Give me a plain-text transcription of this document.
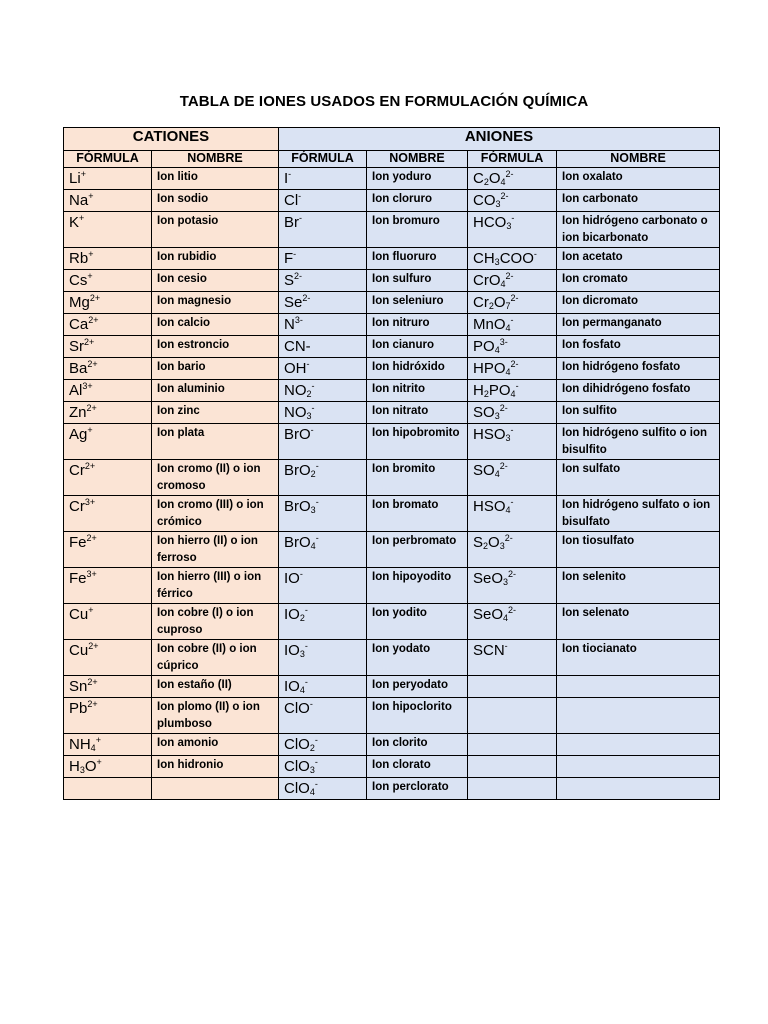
TABLA DE IONES USADOS EN FORMULACIÓN QUÍMICA
CATIONES		ANIONES			
FÓRMULA	NOMBRE	FÓRMULA	NOMBRE	FÓRMULA	NOMBRE
Li+	Ion litio	I-	Ion yoduro	$C_2O_4^{2-}$	Ion oxalato
Na+	Ion sodio	Cl-	Ion cloruro	$CO_3^{2-}$	Ion carbonato
K+	Ion potasio	Br-	Ion bromuro	$HCO_3^-$	Ion hidrógeno carbonato o ion bicarbonato
Rb+	Ion rubidio	F-	Ion fluoruro	$CH_3COO^-$	Ion acetato
Cs+	Ion cesio	$S^{2-}$	Ion sulfuro	CrO$_4^{2-}$	Ion cromato
$Mg^{2+}$	Ion magnesio	$Se^{2-}$	Ion seleniuro	$Cr_2O_7^{2-}$	Ion dicromato
$Ca^{2+}$	Ion calcio	$N^{3-}$	Ion nitruro	MnO$_4$-	Ion permanganato
$Sr^{2+}$	Ion estroncio	CN-	Ion cianuro	$PO_4^{3-}$	Ion fosfato
$Ba^{2+}$	Ion bario	OH-	Ion hidróxido	$HPO_4^{2-}$	Ion hidrógeno fosfato
$Al^{3+}$	Ion aluminio	$NO_2^-$	Ion nitrito	$H_2PO_4^-$	Ion dihidrógeno fosfato
$Zn^{2+}$	Ion zinc	$NO_3^-$	Ion nitrato	$SO_3^{2-}$	Ion sulfito
Ag+	Ion plata	BrO-	Ion hipobromito	$HSO_3^-$	Ion hidrógeno sulfito o ion bisulfito
$Cr^{2+}$	Ion cromo (II) o ion cromoso	BrO$_2$-	Ion bromito	$SO_4^{2-}$	Ion sulfato
$Cr^{3+}$	Ion cromo (III) o ion crómico	BrO$_3$-	Ion bromato	$HSO_4^-$	Ion hidrógeno sulfato o ion bisulfato
$Fe^{2+}$	Ion hierro (II) o ion ferroso	BrO$_4$-	Ion perbromato	$S_2O_3^{2-}$	Ion tiosulfato
$Fe^{3+}$	Ion hierro (III) o ion férrico	IO-	Ion hipoyodito	SeO$_3^{2-}$	Ion selenito
Cu+	Ion cobre (I) o ion cuproso	$IO_2^-$	Ion yodito	SeO$_4^{2-}$	Ion selenato
$Cu^{2+}$	Ion cobre (II) o ion cúprico	$IO_3^-$	Ion yodato	SCN-	Ion tiocianato
$Sn^{2+}$	Ion estaño (II)	$IO_4^-$	Ion peryodato		
$Pb^{2+}$	Ion plomo (II) o ion plumboso	ClO-	Ion hipoclorito		
$NH_4^+$	Ion amonio	ClO$_2$-	Ion clorito		
$H_3O^+$	Ion hidronio	ClO$_3$-	Ion clorato		
		ClO$_4$-	Ion perclorato		
